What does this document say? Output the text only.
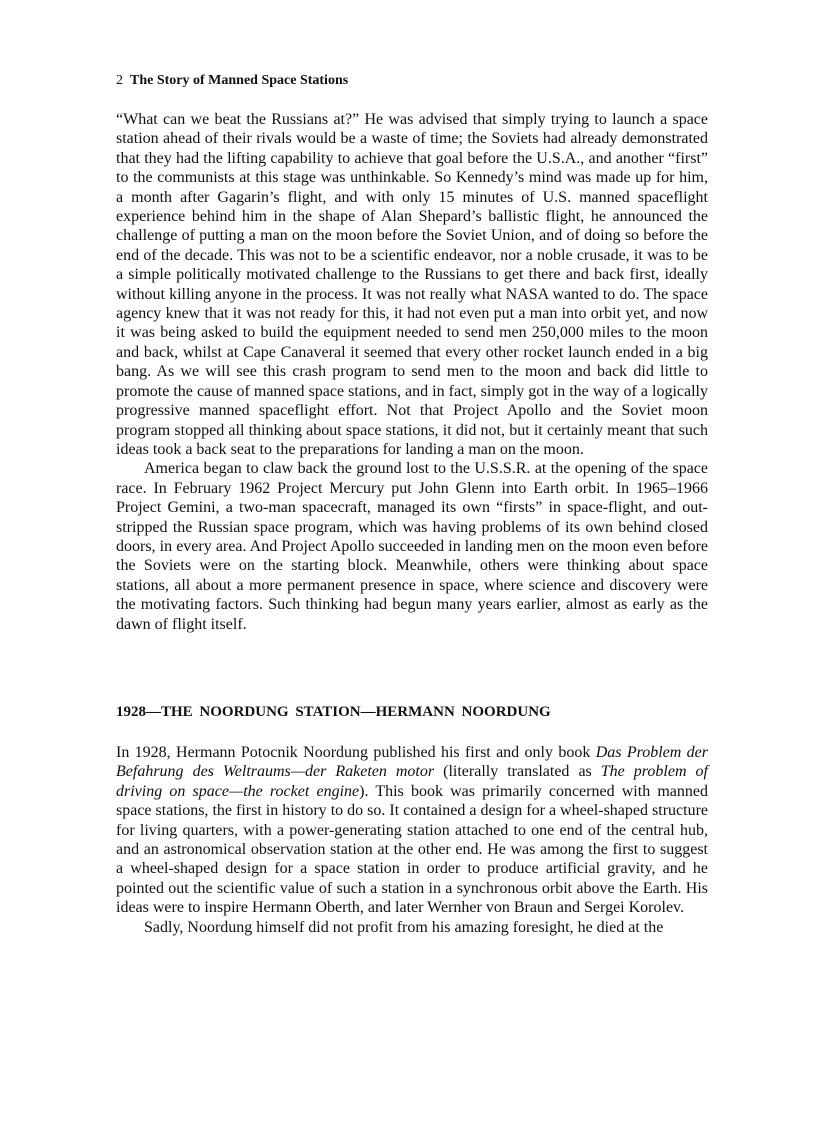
2 The Story of Manned Space Stations

“What can we beat the Russians at?” He was advised that simply trying to launch a space station ahead of their rivals would be a waste of time; the Soviets had already demonstrated that they had the lifting capability to achieve that goal before the U.S.A., and another “first” to the communists at this stage was unthinkable. So Kennedy’s mind was made up for him, a month after Gagarin’s flight, and with only 15 minutes of U.S. manned spaceflight experience behind him in the shape of Alan Shepard’s ballistic flight, he announced the challenge of putting a man on the moon before the Soviet Union, and of doing so before the end of the decade. This was not to be a scientific endeavor, nor a noble crusade, it was to be a simple politically motivated challenge to the Russians to get there and back first, ideally without killing anyone in the process. It was not really what NASA wanted to do. The space agency knew that it was not ready for this, it had not even put a man into orbit yet, and now it was being asked to build the equipment needed to send men 250,000 miles to the moon and back, whilst at Cape Canaveral it seemed that every other rocket launch ended in a big bang. As we will see this crash program to send men to the moon and back did little to promote the cause of manned space stations, and in fact, simply got in the way of a logically progressive manned spaceflight effort. Not that Project Apollo and the Soviet moon program stopped all thinking about space stations, it did not, but it certainly meant that such ideas took a back seat to the preparations for landing a man on the moon.

America began to claw back the ground lost to the U.S.S.R. at the opening of the space race. In February 1962 Project Mercury put John Glenn into Earth orbit. In 1965–1966 Project Gemini, a two-man spacecraft, managed its own “firsts” in space-flight, and out-stripped the Russian space program, which was having problems of its own behind closed doors, in every area. And Project Apollo succeeded in landing men on the moon even before the Soviets were on the starting block. Meanwhile, others were thinking about space stations, all about a more permanent presence in space, where science and discovery were the motivating factors. Such thinking had begun many years earlier, almost as early as the dawn of flight itself.

1928—THE NOORDUNG STATION—HERMANN NOORDUNG

In 1928, Hermann Potocnik Noordung published his first and only book Das Problem der Befahrung des Weltraums—der Raketen motor (literally translated as The problem of driving on space—the rocket engine). This book was primarily concerned with manned space stations, the first in history to do so. It contained a design for a wheel-shaped structure for living quarters, with a power-generating station attached to one end of the central hub, and an astronomical observation station at the other end. He was among the first to suggest a wheel-shaped design for a space station in order to produce artificial gravity, and he pointed out the scientific value of such a station in a synchronous orbit above the Earth. His ideas were to inspire Hermann Oberth, and later Wernher von Braun and Sergei Korolev.

Sadly, Noordung himself did not profit from his amazing foresight, he died at the
